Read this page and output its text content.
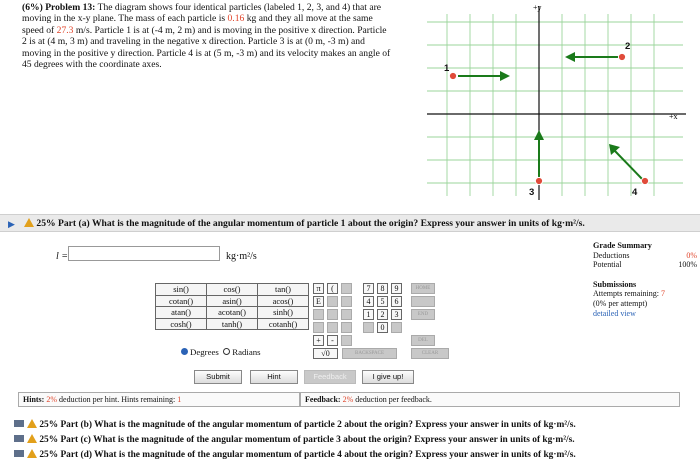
(6%) Problem 13: The diagram shows four identical particles (labeled 1, 2, 3, and 4) that are
moving in the x-y plane. The mass of each particle is 0.16 kg and they all move at the same
speed of 27.3 m/s. Particle 1 is at (-4 m, 2 m) and is moving in the positive x direction. Particle
2 is at (4 m, 3 m) and traveling in the negative x direction. Particle 3 is at (0 m, -3 m) and
moving in the positive y direction. Particle 4 is at (5 m, -3 m) and its velocity makes an angle of
45 degrees with the coordinate axes.
+y
+x
1
2
3	4
▶	25% Part (a) What is the magnitude of the angular momentum of particle 1 about the origin? Express your answer in units of kg·m²/s.
l =	kg·m²/s
Grade Summary
Deductions	0%
Potential	100%
Submissions
Attempts remaining: 7
(0% per attempt)
detailed view
sin()	cos()	tan()
cotan()	asin()	acos()
atan()	acotan()	sinh()
cosh()	tanh()	cotanh()
Degrees Radians
π	(
E
+	-
√0
7	8	9
4	5	6
1	2	3
0
HOME
END
DEL
BACKSPACE	CLEAR
Submit	Hint	Feedback	I give up!
Hints: 2% deduction per hint. Hints remaining: 1	Feedback: 2% deduction per feedback.
25% Part (b) What is the magnitude of the angular momentum of particle 2 about the origin? Express your answer in units of kg·m²/s.
25% Part (c) What is the magnitude of the angular momentum of particle 3 about the origin? Express your answer in units of kg·m²/s.
25% Part (d) What is the magnitude of the angular momentum of particle 4 about the origin? Express your answer in units of kg·m²/s.
